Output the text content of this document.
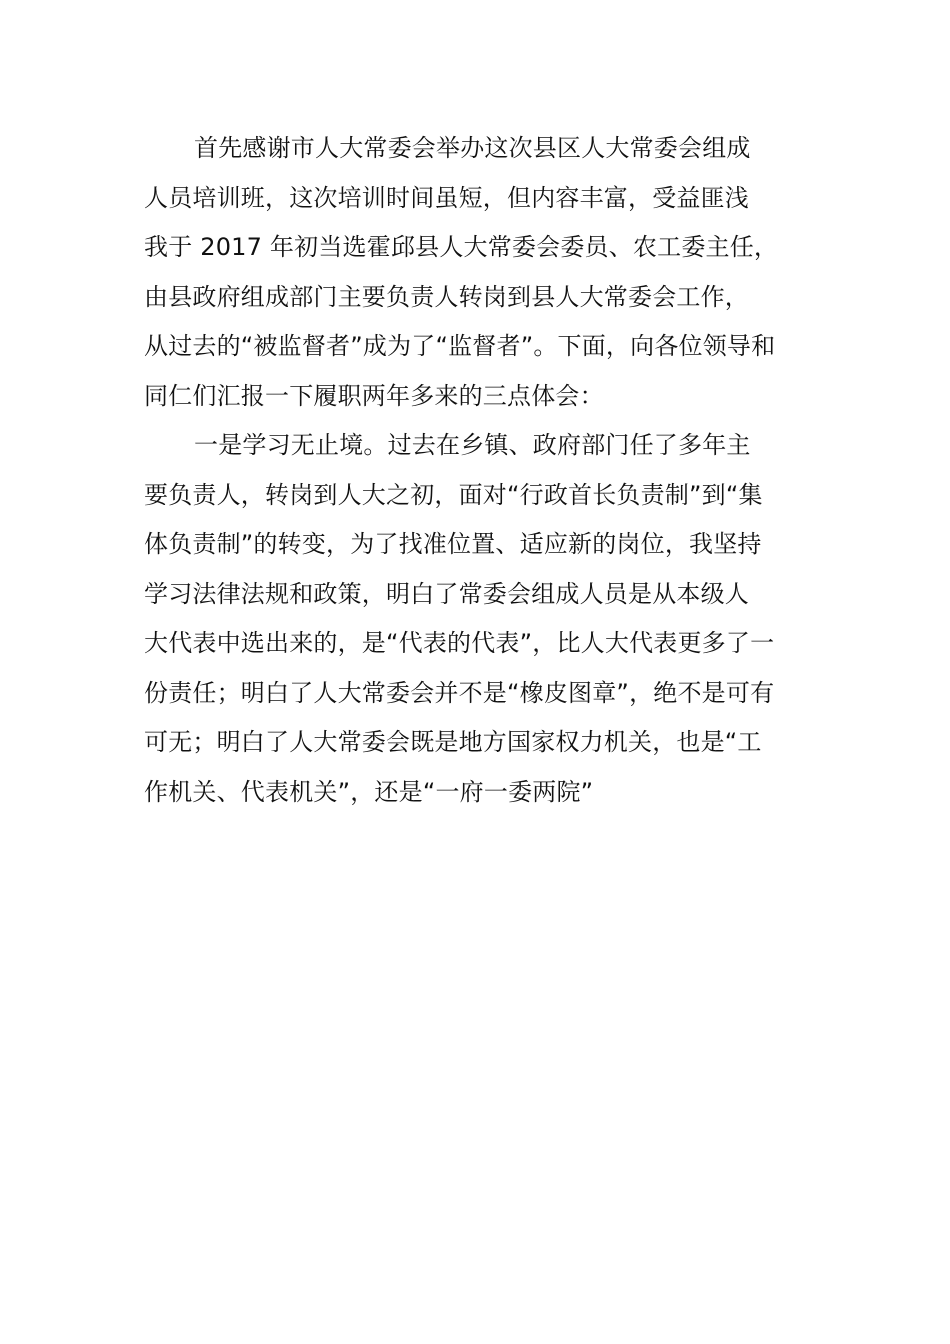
首先感谢市人大常委会举办这次县区人大常委会组成
人员培训班，这次培训时间虽短，但内容丰富，受益匪浅
我于 2017 年初当选霍邱县人大常委会委员、农工委主任，
由县政府组成部门主要负责人转岗到县人大常委会工作，
从过去的“被监督者”成为了“监督者”。下面，向各位领导和
同仁们汇报一下履职两年多来的三点体会：
一是学习无止境。过去在乡镇、政府部门任了多年主
要负责人，转岗到人大之初，面对“行政首长负责制”到“集
体负责制”的转变，为了找准位置、适应新的岗位，我坚持
学习法律法规和政策，明白了常委会组成人员是从本级人
大代表中选出来的，是“代表的代表”，比人大代表更多了一
份责任；明白了人大常委会并不是“橡皮图章”，绝不是可有
可无；明白了人大常委会既是地方国家权力机关，也是“工
作机关、代表机关”，还是“一府一委两院”
